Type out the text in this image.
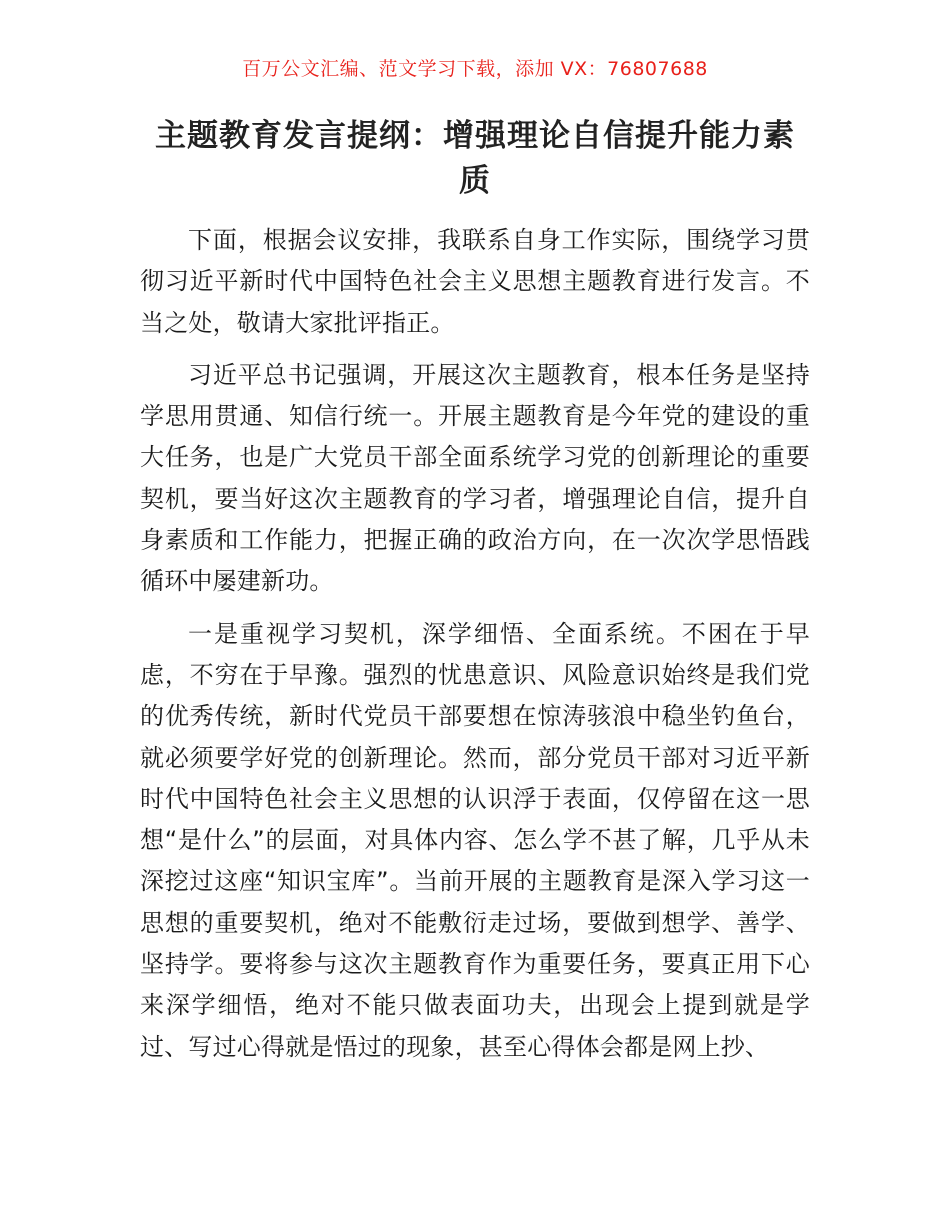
百万公文汇编、范文学习下载，添加 VX：76807688
主题教育发言提纲：增强理论自信提升能力素质

下面，根据会议安排，我联系自身工作实际，围绕学习贯彻习近平新时代中国特色社会主义思想主题教育进行发言。不当之处，敬请大家批评指正。

习近平总书记强调，开展这次主题教育，根本任务是坚持学思用贯通、知信行统一。开展主题教育是今年党的建设的重大任务，也是广大党员干部全面系统学习党的创新理论的重要契机，要当好这次主题教育的学习者，增强理论自信，提升自身素质和工作能力，把握正确的政治方向，在一次次学思悟践循环中屡建新功。

一是重视学习契机，深学细悟、全面系统。不困在于早虑，不穷在于早豫。强烈的忧患意识、风险意识始终是我们党的优秀传统，新时代党员干部要想在惊涛骇浪中稳坐钓鱼台，就必须要学好党的创新理论。然而，部分党员干部对习近平新时代中国特色社会主义思想的认识浮于表面，仅停留在这一思想“是什么”的层面，对具体内容、怎么学不甚了解，几乎从未深挖过这座“知识宝库”。当前开展的主题教育是深入学习这一思想的重要契机，绝对不能敷衍走过场，要做到想学、善学、坚持学。要将参与这次主题教育作为重要任务，要真正用下心来深学细悟，绝对不能只做表面功夫，出现会上提到就是学过、写过心得就是悟过的现象，甚至心得体会都是网上抄、
